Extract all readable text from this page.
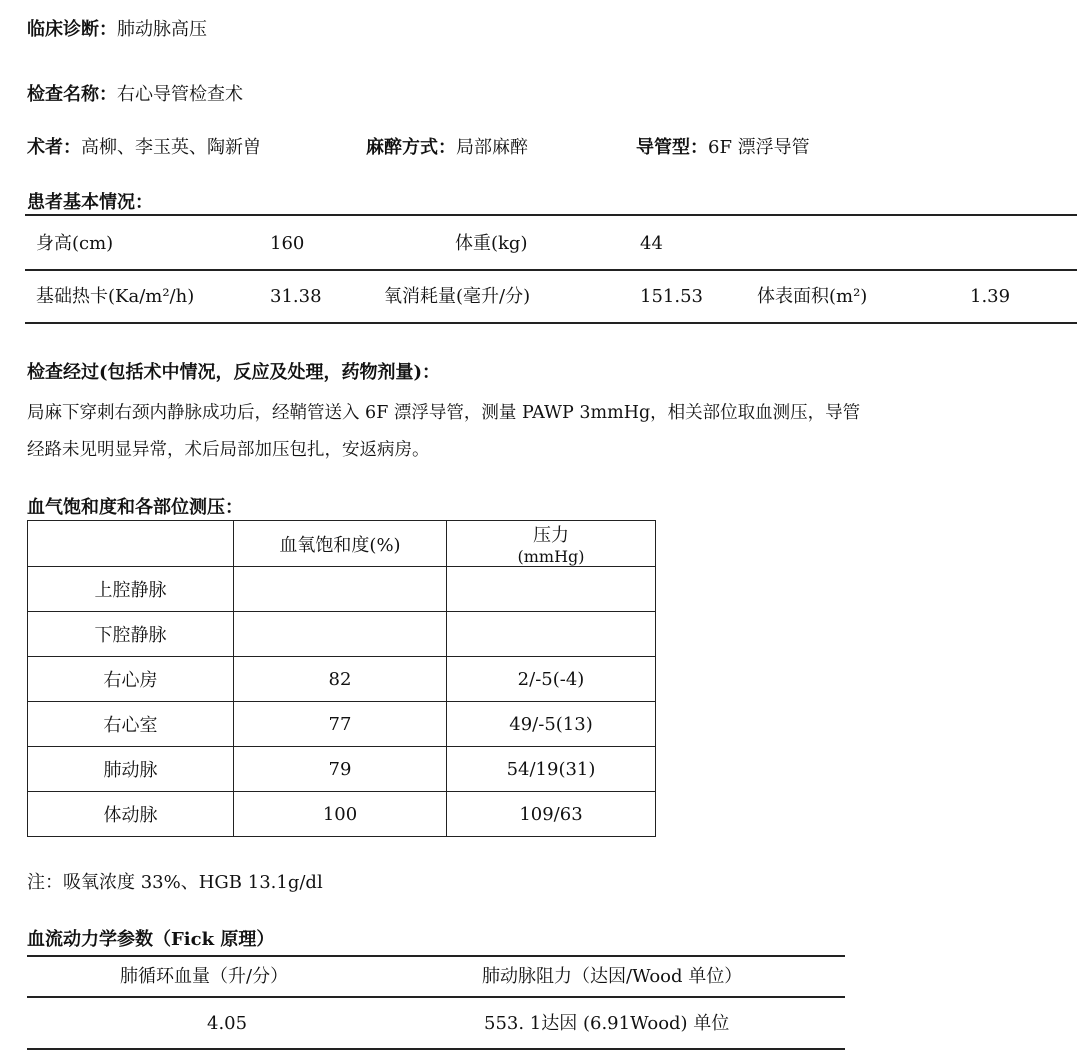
临床诊断：肺动脉高压
检查名称：右心导管检查术
术者：高柳、李玉英、陶新曽	麻醉方式：局部麻醉	导管型：6F 漂浮导管
患者基本情况：
身高(cm)	160	体重(kg)	44
基础热卡(Ka/m²/h)	31.38	氧消耗量(毫升/分)	151.53	体表面积(m²)	1.39
检查经过(包括术中情况，反应及处理，药物剂量)：
局麻下穿刺右颈内静脉成功后，经鞘管送入 6F 漂浮导管，测量 PAWP 3mmHg，相关部位取血测压，导管
经路未见明显异常，术后局部加压包扎，安返病房。
血气饱和度和各部位测压：
	血氧饱和度(%)	压力
(mmHg)

上腔静脉		
下腔静脉		
右心房	82	2/-5(-4)
右心室	77	49/-5(13)
肺动脉	79	54/19(31)
体动脉	100	109/63
注：吸氧浓度 33%、HGB 13.1g/dl
血流动力学参数（Fick 原理）
肺循环血量（升/分）	肺动脉阻力（达因/Wood 单位）
4.05	553. 1达因 (6.91Wood) 单位
